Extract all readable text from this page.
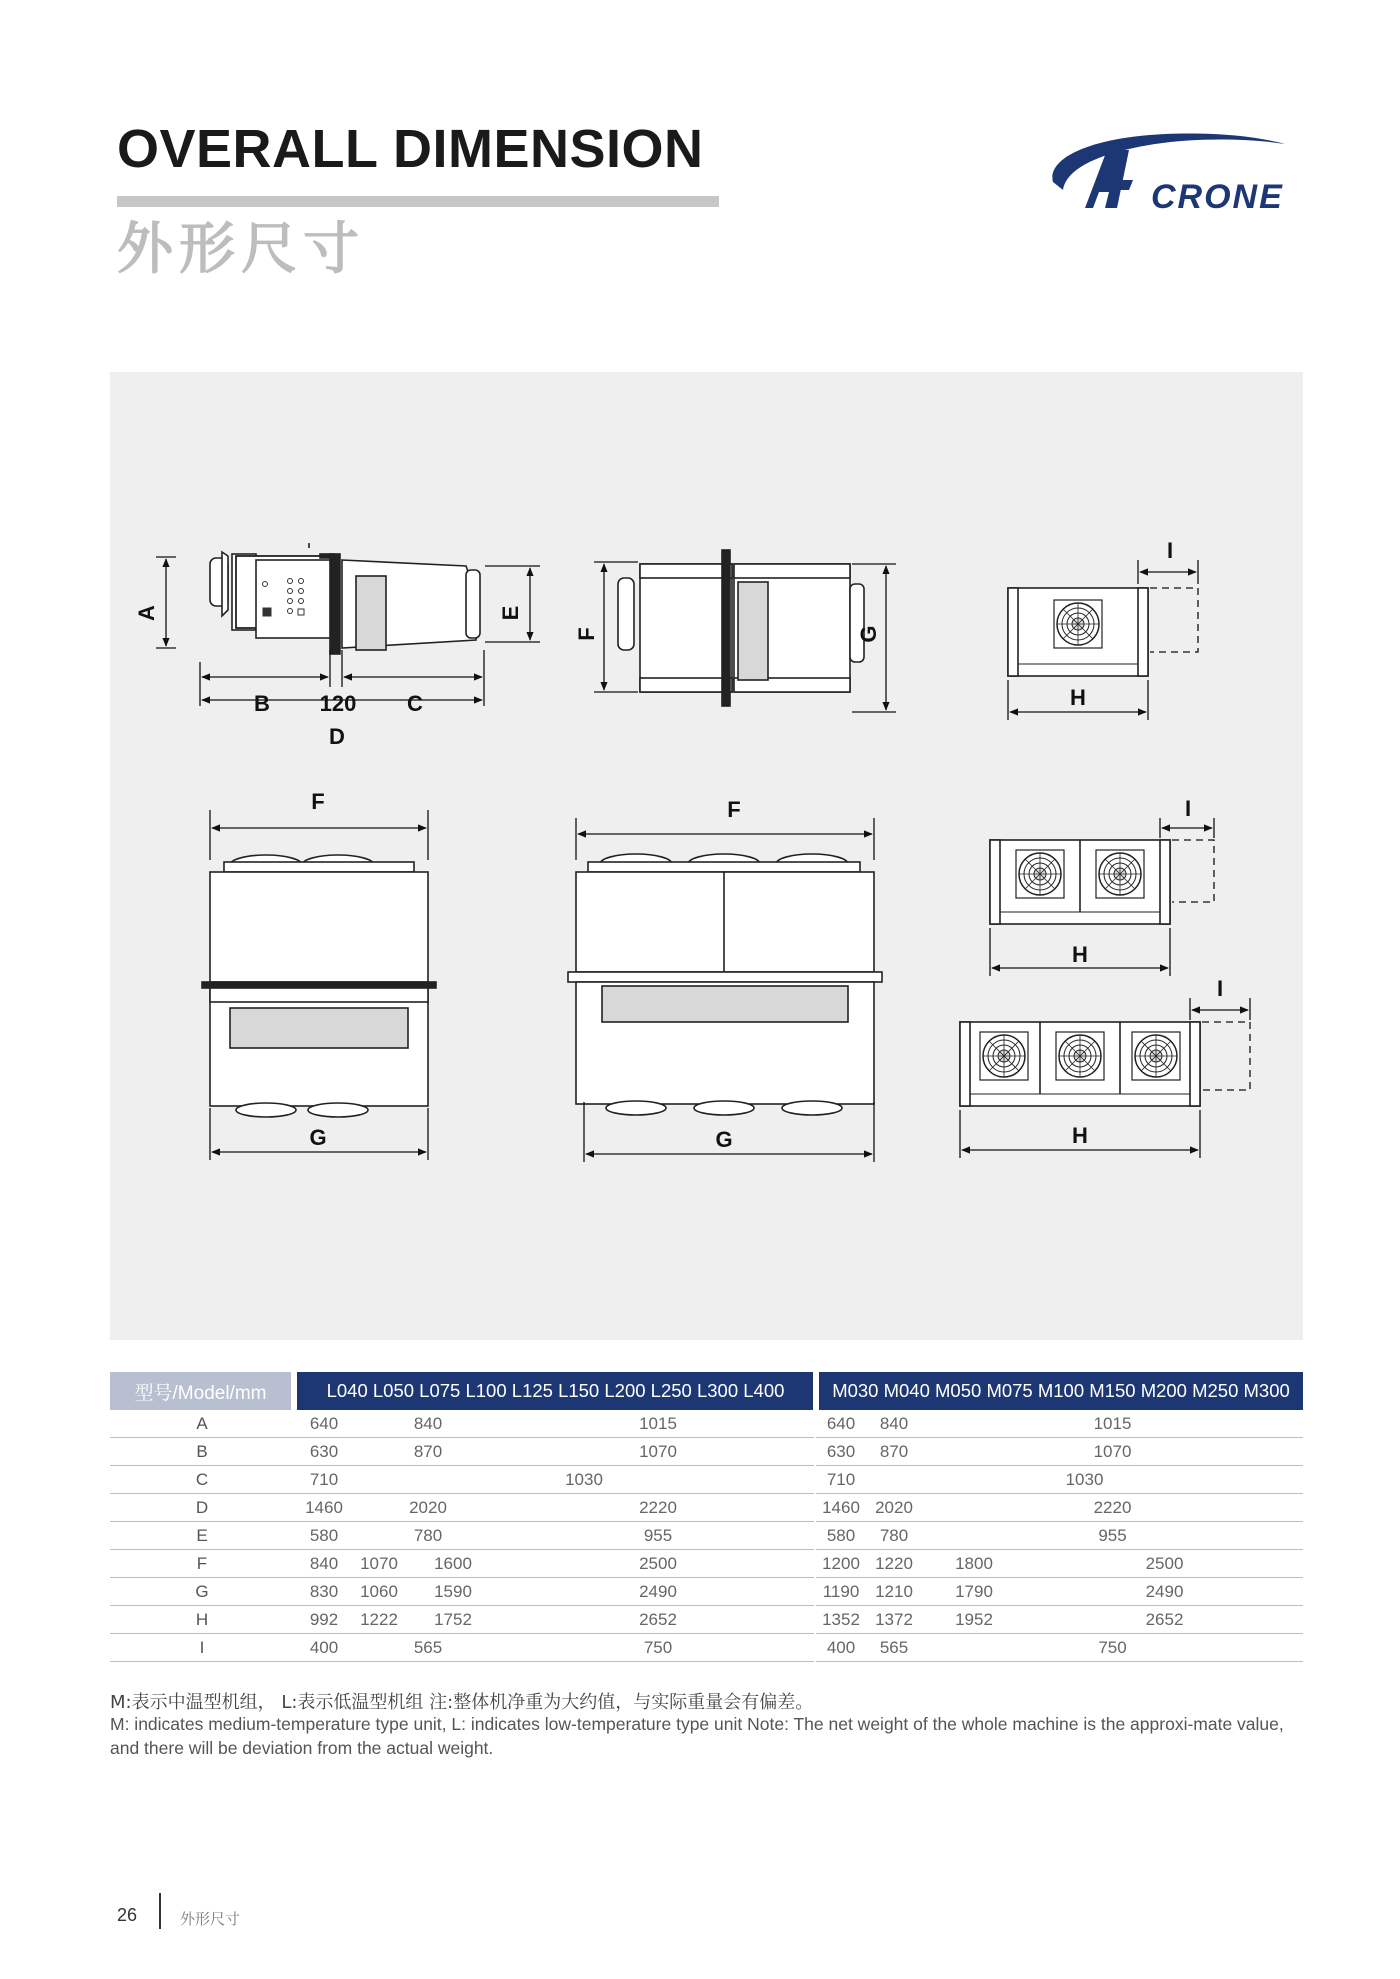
OVERALL DIMENSION
外形尺寸
CRONE
A	E
B 120 C
D
F	G
I
H
F
G
F
G
I
H
I
H
型号/Model/mm	L040 L050 L075 L100 L125 L150 L200 L250 L300 L400					M030 M040 M050 M075 M100 M150 M200 M250 M300			
A	640	840		1015		640	840	1015	
B	630	870		1070		630	870	1070	
C	710	1030				710	1030		
D	1460	2020		2220		1460	2020	2220	
E	580	780		955		580	780	955	
F	840	1070	1600	2500		1200	1220	1800	2500
G	830	1060	1590	2490		1190	1210	1790	2490
H	992	1222	1752	2652		1352	1372	1952	2652
I	400	565		750		400	565	750	
M:表示中温型机组， L:表示低温型机组 注:整体机净重为大约值，与实际重量会有偏差。
M: indicates medium-temperature type unit, L: indicates low-temperature type unit Note: The net weight of the whole machine is the approxi-mate value, and there will be deviation from the actual weight.
26	外形尺寸
